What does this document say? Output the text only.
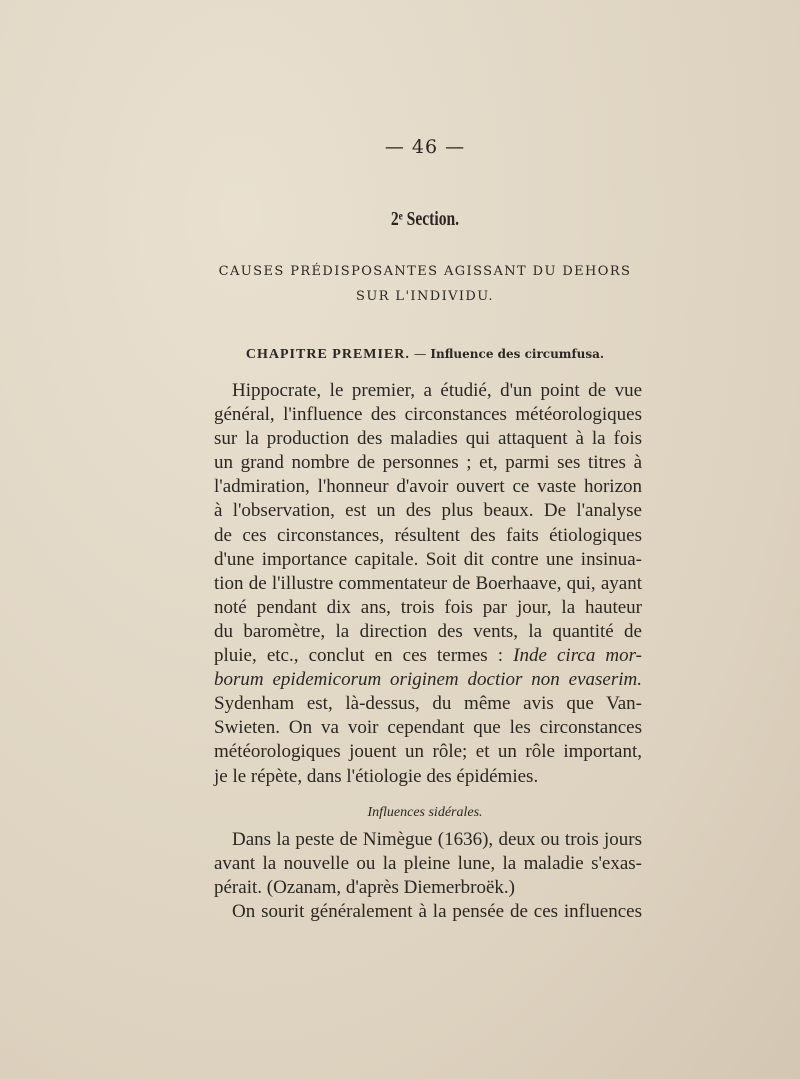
— 46 —
2ᵉ Section.
CAUSES PRÉDISPOSANTES AGISSANT DU DEHORS
SUR L'INDIVIDU.
CHAPITRE PREMIER. — Influence des circumfusa.
Hippocrate, le premier, a étudié, d'un point de vue
général, l'influence des circonstances météorologiques
sur la production des maladies qui attaquent à la fois
un grand nombre de personnes ; et, parmi ses titres à
l'admiration, l'honneur d'avoir ouvert ce vaste horizon
à l'observation, est un des plus beaux. De l'analyse
de ces circonstances, résultent des faits étiologiques
d'une importance capitale. Soit dit contre une insinua-
tion de l'illustre commentateur de Boerhaave, qui, ayant
noté pendant dix ans, trois fois par jour, la hauteur
du baromètre, la direction des vents, la quantité de
pluie, etc., conclut en ces termes : Inde circa mor-
borum epidemicorum originem doctior non evaserim.
Sydenham est, là-dessus, du même avis que Van-
Swieten. On va voir cependant que les circonstances
météorologiques jouent un rôle; et un rôle important,
je le répète, dans l'étiologie des épidémies.
Influences sidérales.
Dans la peste de Nimègue (1636), deux ou trois jours
avant la nouvelle ou la pleine lune, la maladie s'exas-
pérait. (Ozanam, d'après Diemerbroëk.)
On sourit généralement à la pensée de ces influences
